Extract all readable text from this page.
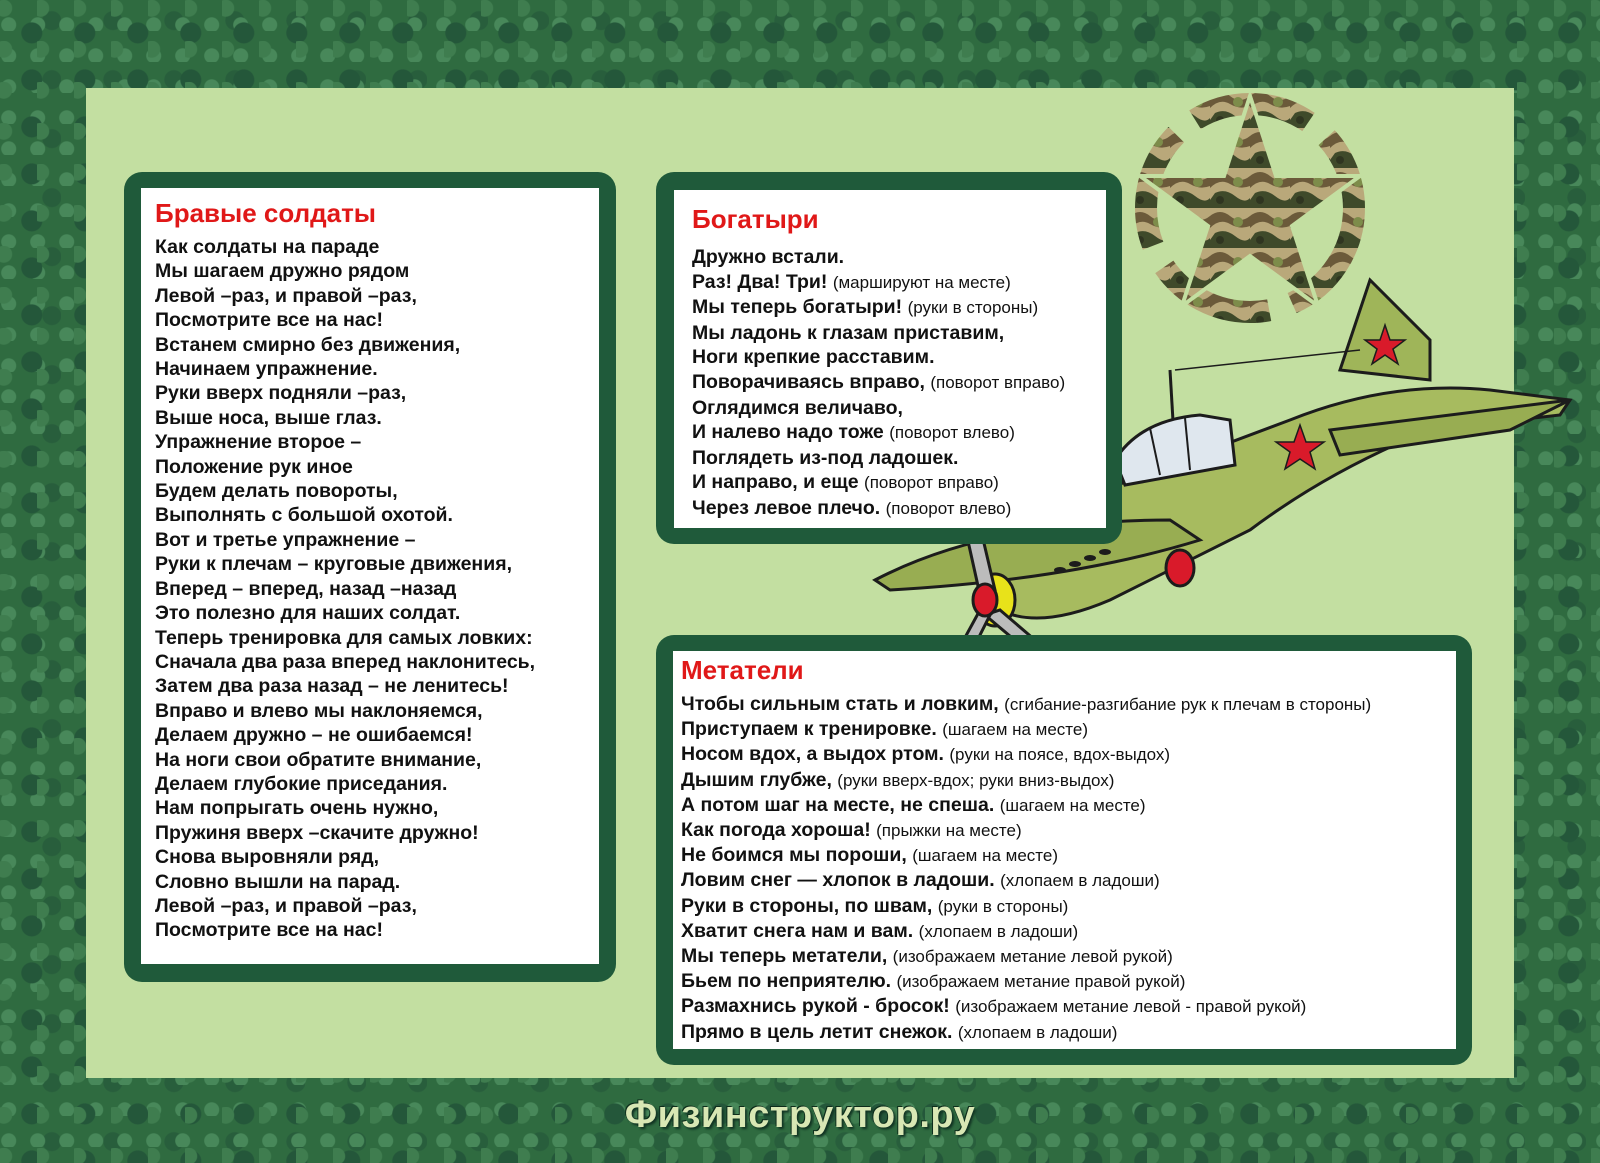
Бравые солдаты
Как солдаты на параде
Мы шагаем дружно рядом
Левой –раз, и правой –раз,
Посмотрите все на нас!
Встанем смирно без движения,
Начинаем упражнение.
Руки вверх подняли –раз,
Выше носа, выше глаз.
Упражнение второе –
Положение рук иное
Будем делать повороты,
Выполнять с большой охотой.
Вот и третье упражнение –
Руки к плечам – круговые движения,
Вперед – вперед, назад –назад
Это полезно для наших солдат.
Теперь тренировка для самых ловких:
Сначала два раза вперед наклонитесь,
Затем два раза назад – не ленитесь!
Вправо и влево мы наклоняемся,
Делаем дружно – не ошибаемся!
На ноги свои обратите внимание,
Делаем глубокие приседания.
Нам попрыгать очень нужно,
Пружиня вверх –скачите дружно!
Снова выровняли ряд,
Словно вышли на парад.
Левой –раз, и правой –раз,
Посмотрите все на нас!
Богатыри
Дружно встали.
Раз! Два! Три! (маршируют на месте)
Мы теперь богатыри! (руки в стороны)
Мы ладонь к глазам приставим,
Ноги крепкие расставим.
Поворачиваясь вправо, (поворот вправо)
Оглядимся величаво,
И налево надо тоже (поворот влево)
Поглядеть из-под ладошек.
И направо, и еще (поворот вправо)
Через левое плечо. (поворот влево)
Метатели
Чтобы сильным стать и ловким, (сгибание-разгибание рук к плечам в стороны)
Приступаем к тренировке. (шагаем на месте)
Носом вдох, а выдох ртом. (руки на поясе, вдох-выдох)
Дышим глубже, (руки вверх-вдох; руки вниз-выдох)
А потом шаг на месте, не спеша. (шагаем на месте)
Как погода хороша! (прыжки на месте)
Не боимся мы пороши, (шагаем на месте)
Ловим снег — хлопок в ладоши. (хлопаем в ладоши)
Руки в стороны, по швам, (руки в стороны)
Хватит снега нам и вам. (хлопаем в ладоши)
Мы теперь метатели, (изображаем метание левой рукой)
Бьем по неприятелю. (изображаем метание правой рукой)
Размахнись рукой - бросок! (изображаем метание левой - правой рукой)
Прямо в цель летит снежок. (хлопаем в ладоши)
Физинструктор.ру
